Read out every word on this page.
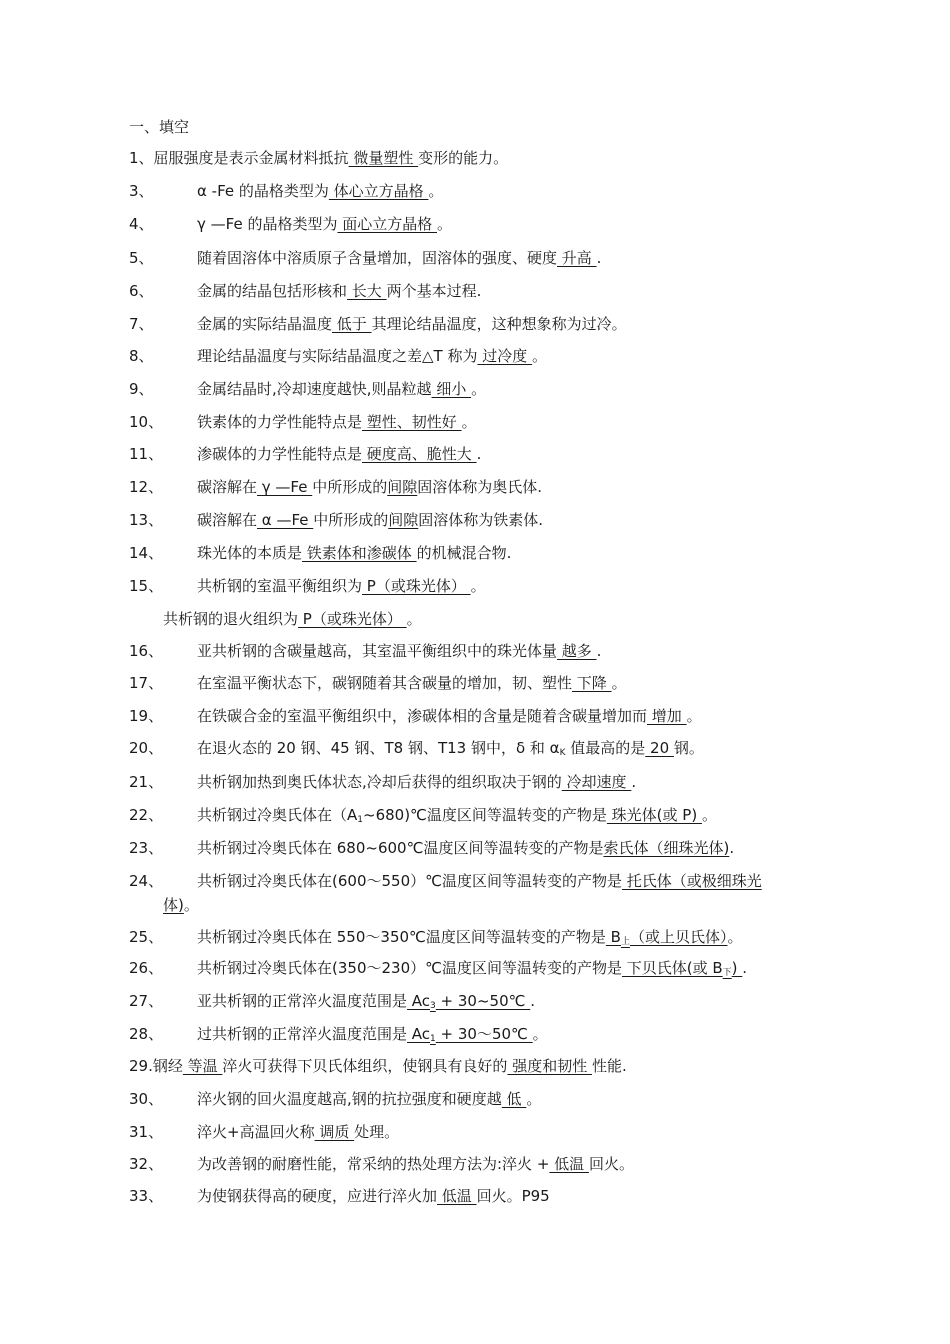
一、填空
1、屈服强度是表示金属材料抵抗 微量塑性 变形的能力。
3、	α -Fe 的晶格类型为 体心立方晶格 。
4、	γ —Fe 的晶格类型为 面心立方晶格 。
5、	随着固溶体中溶质原子含量增加，固溶体的强度、硬度 升高 .
6、	金属的结晶包括形核和 长大 两个基本过程.
7、	金属的实际结晶温度 低于 其理论结晶温度，这种想象称为过冷。
8、	理论结晶温度与实际结晶温度之差△T 称为 过冷度 。
9、	金属结晶时,冷却速度越快,则晶粒越 细小 。
10、 铁素体的力学性能特点是 塑性、韧性好 。
11、 渗碳体的力学性能特点是 硬度高、脆性大 .
12、 碳溶解在 γ —Fe 中所形成的间隙固溶体称为奥氏体.
13、 碳溶解在 α —Fe 中所形成的间隙固溶体称为铁素体.
14、 珠光体的本质是 铁素体和渗碳体 的机械混合物.
15、 共析钢的室温平衡组织为 P（或珠光体） 。
共析钢的退火组织为 P（或珠光体） 。
16、 亚共析钢的含碳量越高，其室温平衡组织中的珠光体量 越多 .
17、 在室温平衡状态下，碳钢随着其含碳量的增加，韧、塑性 下降 。
19、 在铁碳合金的室温平衡组织中，渗碳体相的含量是随着含碳量增加而 增加 。
20、 在退火态的 20 钢、45 钢、T8 钢、T13 钢中，δ 和 $\alpha_K$ 值最高的是 20 钢。
21、 共析钢加热到奥氏体状态,冷却后获得的组织取决于钢的 冷却速度 .
22、 共析钢过冷奥氏体在$(A_1\sim 680)℃$温度区间等温转变的产物是 珠光体(或 P) 。
23、 共析钢过冷奥氏体在 680~600℃温度区间等温转变的产物是索氏体（细珠光体).
24、 共析钢过冷奥氏体在(600～550）℃温度区间等温转变的产物是 托氏体（或极细珠光
体)。
25、 共析钢过冷奥氏体在 550～350℃温度区间等温转变的产物是 $B_上$（或上贝氏体）。
26、 共析钢过冷奥氏体在(350～230）℃温度区间等温转变的产物是 下贝氏体(或 $B_下$) .
27、 亚共析钢的正常淬火温度范围是 $Ac_3$ + 30~50℃ .
28、 过共析钢的正常淬火温度范围是 $Ac_1$ + 30～50℃ 。
29.钢经 等温 淬火可获得下贝氏体组织，使钢具有良好的 强度和韧性 性能.
30、 淬火钢的回火温度越高,钢的抗拉强度和硬度越 低 。
31、 淬火+高温回火称 调质 处理。
32、 为改善钢的耐磨性能，常采纳的热处理方法为:淬火 + 低温 回火。
33、 为使钢获得高的硬度，应进行淬火加 低温 回火。P95
